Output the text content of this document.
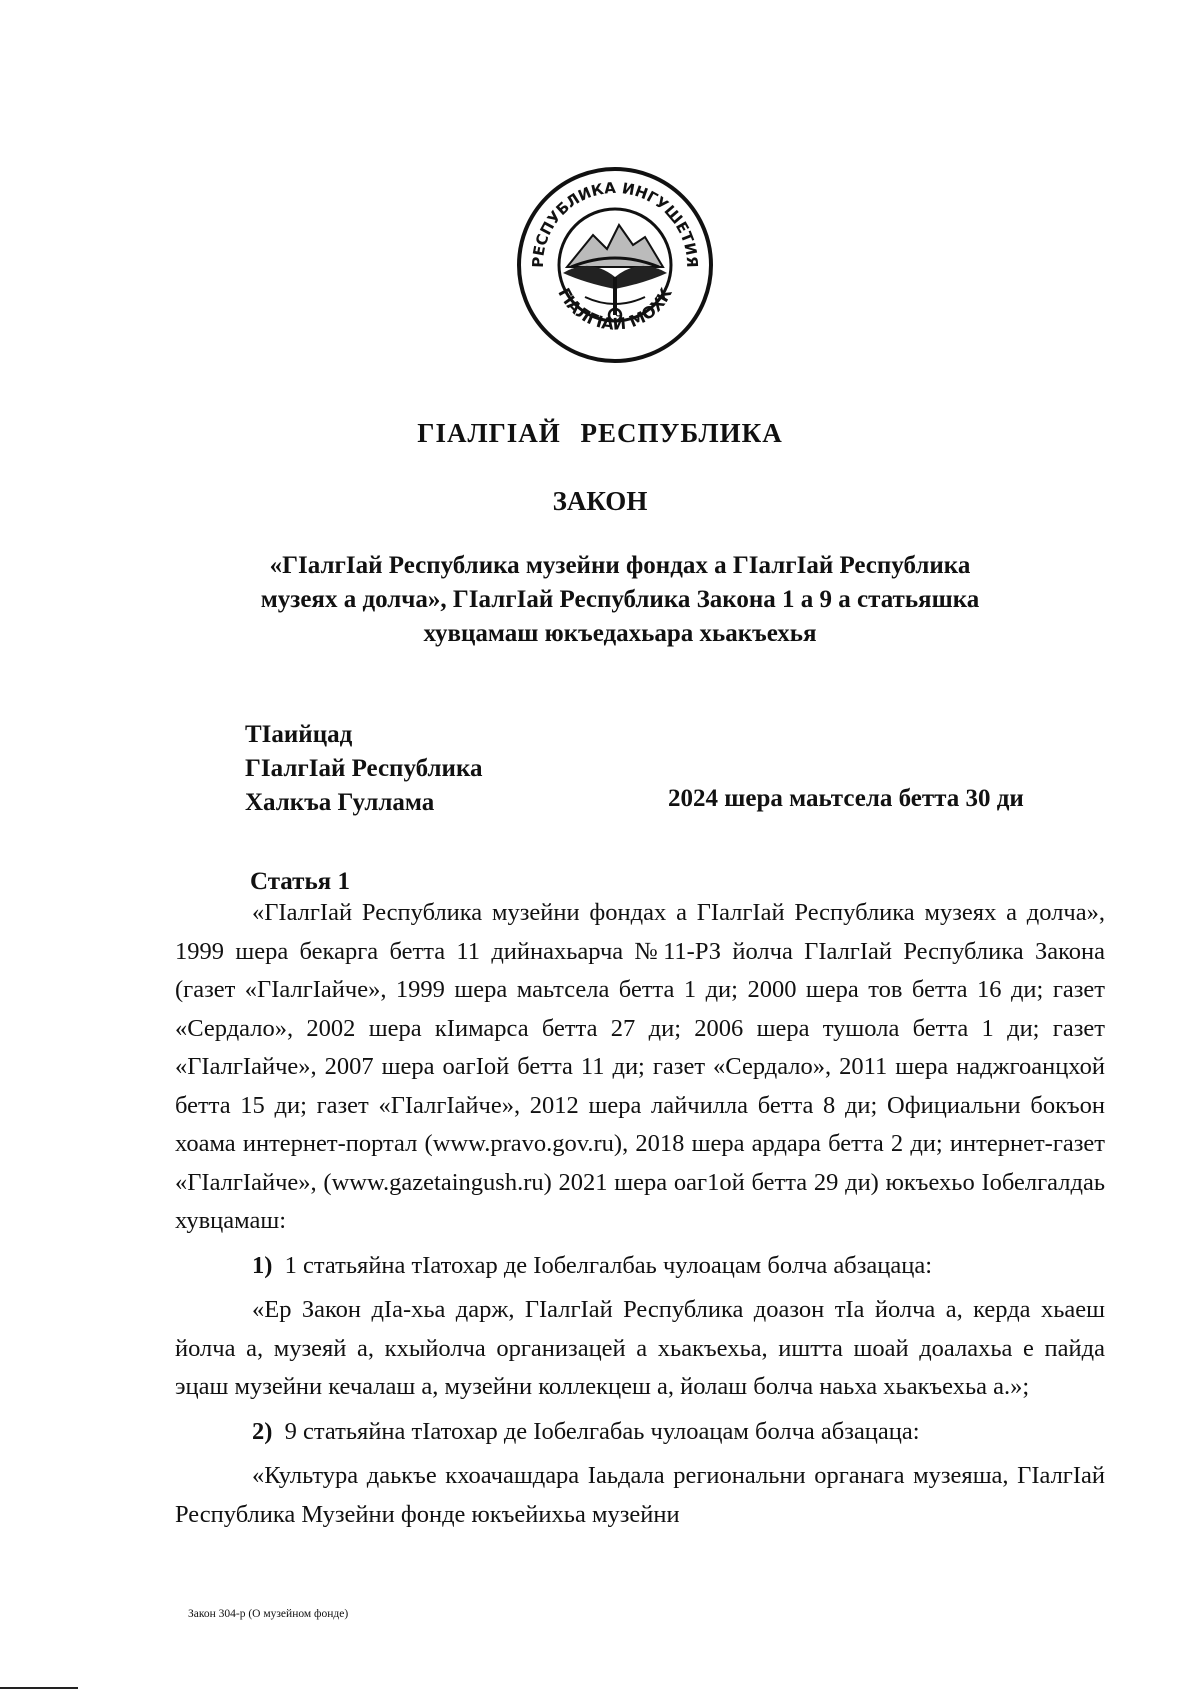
РЕСПУБЛИКА ИНГУШЕТИЯ
ГIАЛГIАЙ МОХК
ГIАЛГIАЙ РЕСПУБЛИКА
ЗАКОН
«ГIалгIай Республика музейни фондах а ГIалгIай Республика
музеях а долча», ГIалгIай Республика Закона 1 а 9 а статьяшка
хувцамаш юкъедахьара хьакъехья
ТIаийцад
ГIалгIай Республика
Халкъа Гуллама	2024 шера маьтсела бетта 30 ди
Статья 1

«ГIалгIай Республика музейни фондах а ГIалгIай Республика музеях а долча», 1999 шера бекарга бетта 11 дийнахьарча №11-РЗ йолча ГIалгIай Республика Закона (газет «ГIалгIайче», 1999 шера маьтсела бетта 1 ди; 2000 шера тов бетта 16 ди; газет «Сердало», 2002 шера кIимарса бетта 27 ди; 2006 шера тушола бетта 1 ди; газет «ГIалгIайче», 2007 шера оагIой бетта 11 ди; газет «Сердало», 2011 шера наджгоанцхой бетта 15 ди; газет «ГIалгIайче», 2012 шера лайчилла бетта 8 ди; Официальни бокъон хоама интернет-портал (www.pravo.gov.ru), 2018 шера ардара бетта 2 ди; интернет-газет «ГIалгIайче», (www.gazetaingush.ru) 2021 шера оаг1ой бетта 29 ди) юкъехьо Iобелгалдаь хувцамаш:

1) 1 статьяйна тIатохар де Iобелгалбаь чулоацам болча абзацаца:

«Ер Закон дIа-хьа дарж, ГIалгIай Республика доазон тIа йолча а, керда хьаеш йолча а, музеяй а, кхыйолча организацей а хьакъехьа, иштта шоай доалахьа е пайда эцаш музейни кечалаш а, музейни коллекцеш а, йолаш болча наьха хьакъехьа а.»;

2) 9 статьяйна тIатохар де Iобелгабаь чулоацам болча абзацаца:

«Культура даькъе кхоачашдара Iаьдала региональни органага музеяша, ГIалгIай Республика Музейни фонде юкъейихьа музейни

Закон 304-р (О музейном фонде)
